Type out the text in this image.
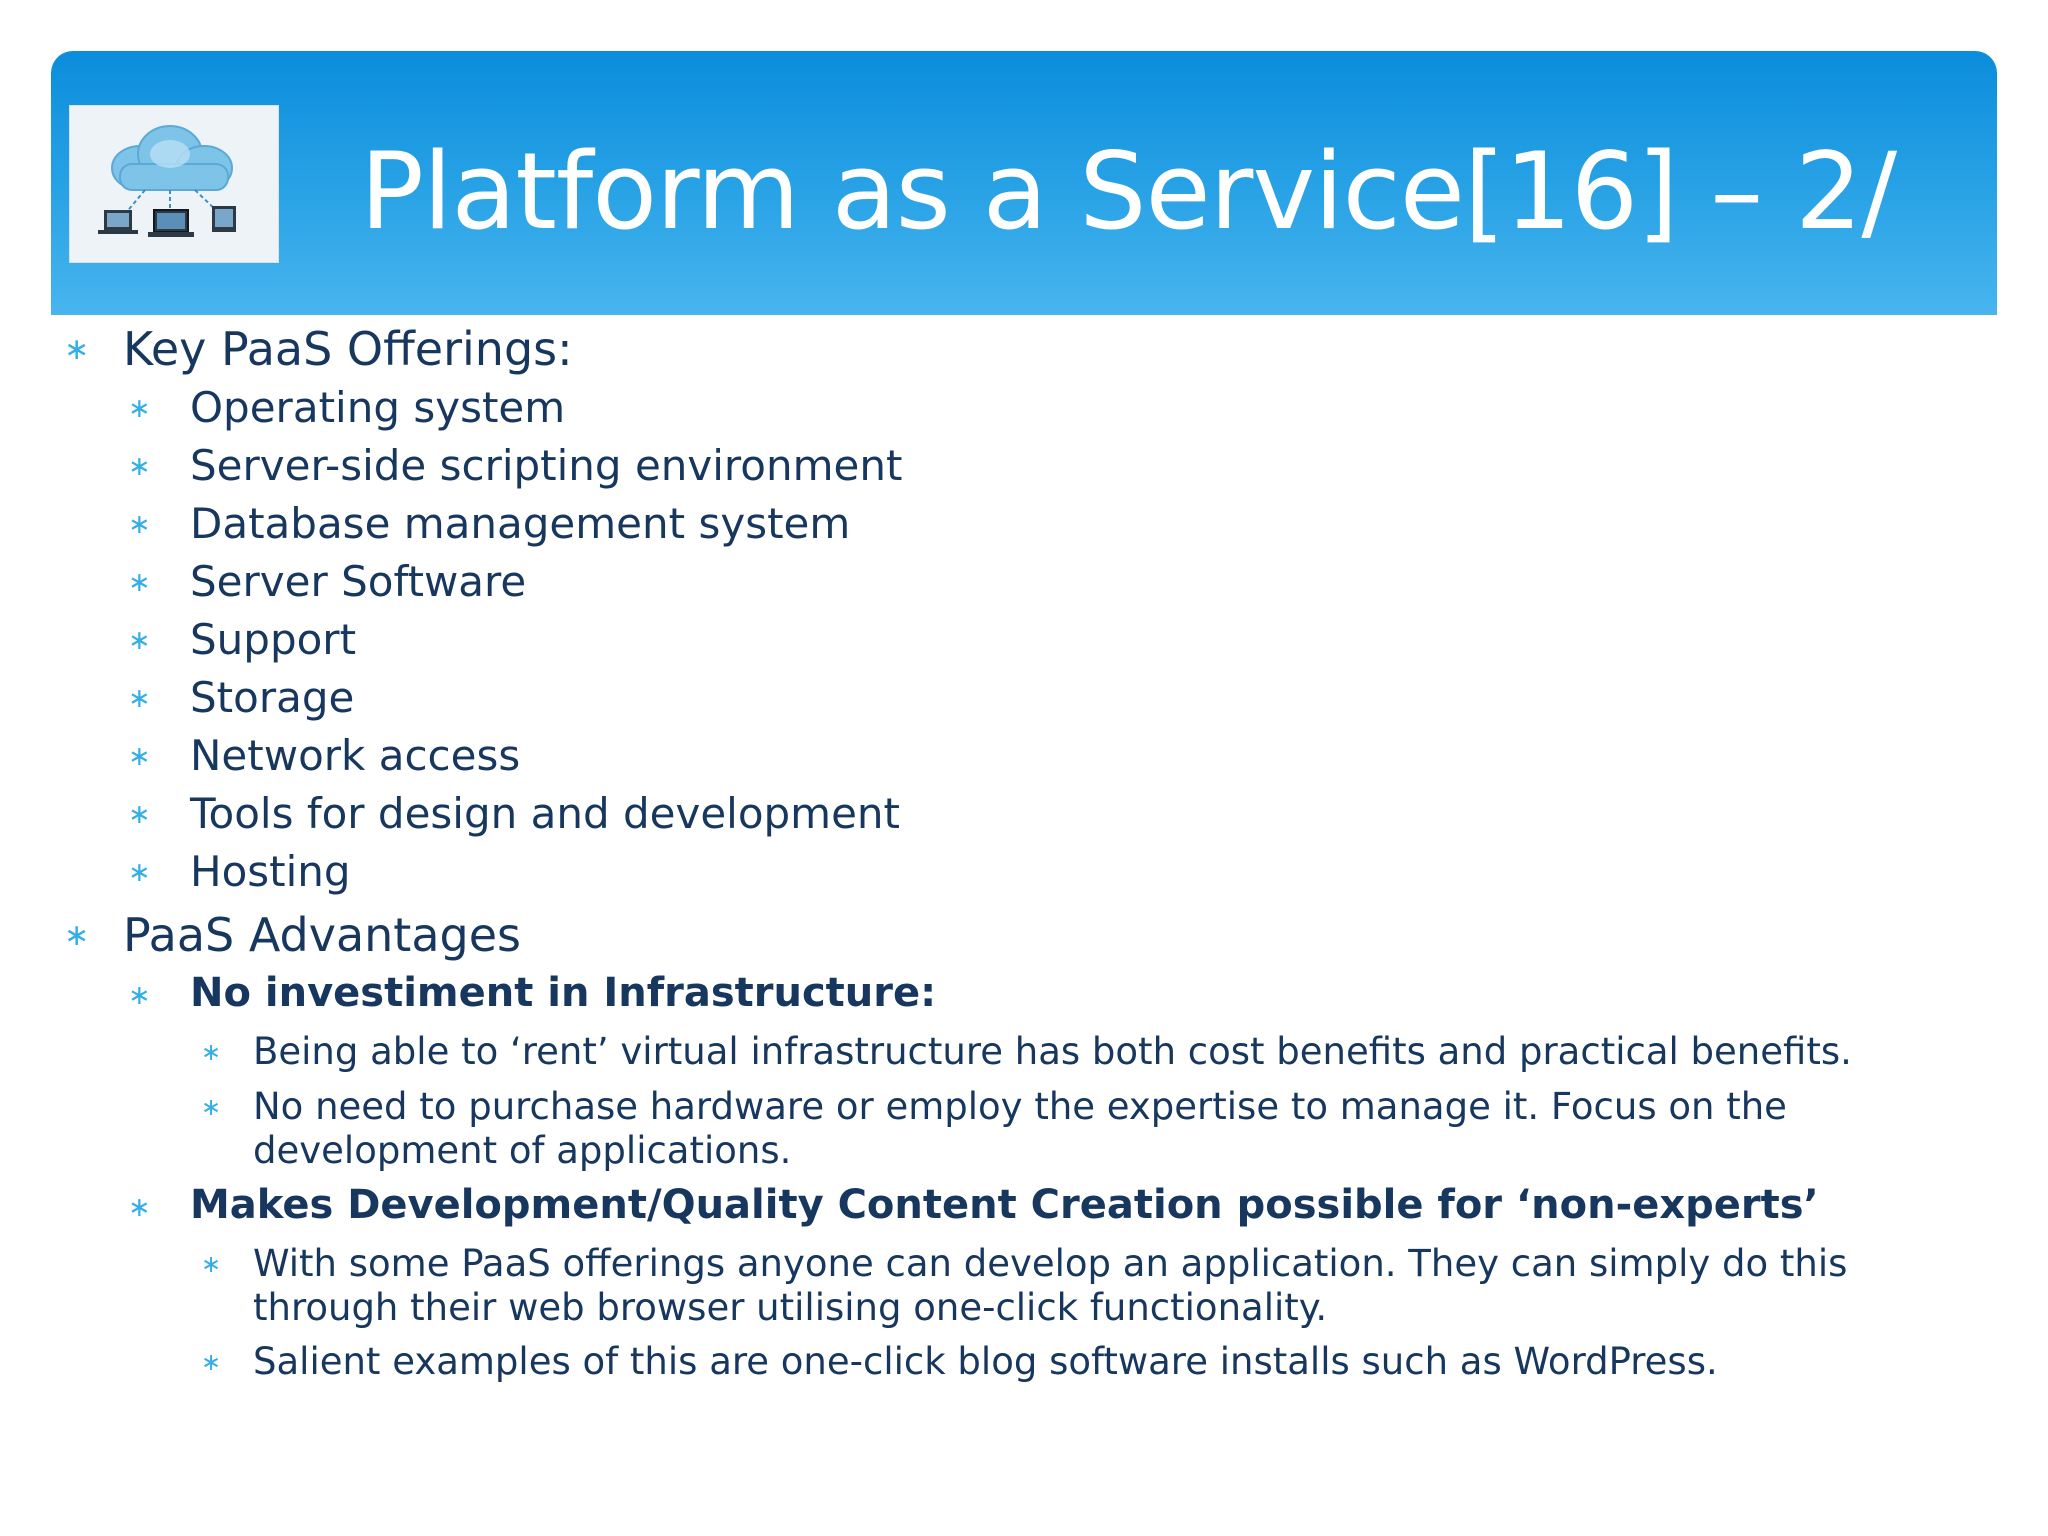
Platform as a Service[16] – 2/
∗ Key PaaS Offerings:
∗ Operating system
∗ Server-side scripting environment
∗ Database management system
∗ Server Software
∗ Support
∗ Storage
∗ Network access
∗ Tools for design and development
∗ Hosting
∗ PaaS Advantages
∗ No investiment in Infrastructure:
∗ Being able to ‘rent’ virtual infrastructure has both cost benefits and practical benefits.
∗ No need to purchase hardware or employ the expertise to manage it. Focus on the development of applications.
∗ Makes Development/Quality Content Creation possible for ‘non-experts’
∗ With some PaaS offerings anyone can develop an application. They can simply do this through their web browser utilising one-click functionality.
∗ Salient examples of this are one-click blog software installs such as WordPress.
